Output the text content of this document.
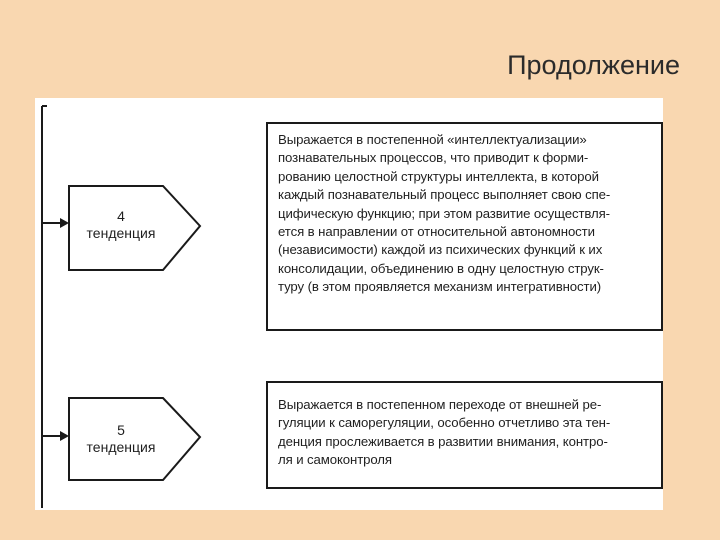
Продолжение
4
тенденция
5
тенденция
Выражается в постепенной «интеллектуализации»
познавательных процессов, что приводит к форми-
рованию целостной структуры интеллекта, в которой
каждый познавательный процесс выполняет свою спе-
цифическую функцию; при этом развитие осуществля-
ется в направлении от относительной автономности
(независимости) каждой из психических функций к их
консолидации, объединению в одну целостную струк-
туру (в этом проявляется механизм интегративности)
Выражается в постепенном переходе от внешней ре-
гуляции к саморегуляции, особенно отчетливо эта тен-
денция прослеживается в развитии внимания, контро-
ля и самоконтроля
